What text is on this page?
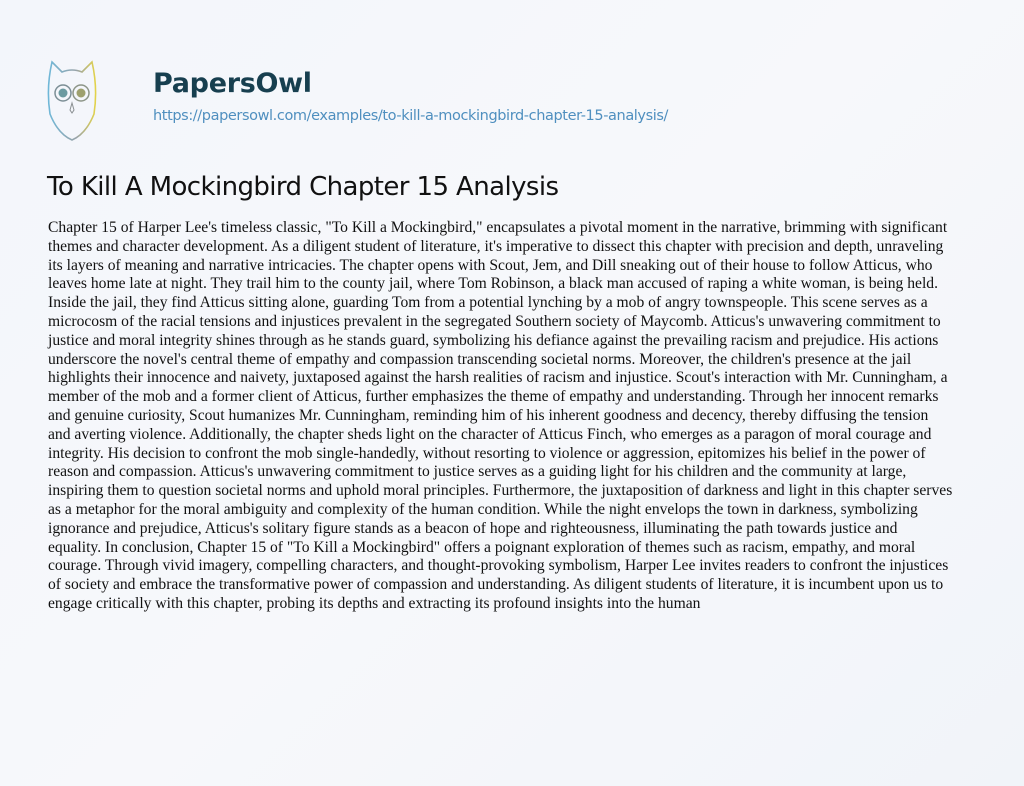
PapersOwl
https://papersowl.com/examples/to-kill-a-mockingbird-chapter-15-analysis/
To Kill A Mockingbird Chapter 15 Analysis
Chapter 15 of Harper Lee's timeless classic, "To Kill a Mockingbird," encapsulates a pivotal moment in the narrative, brimming with significant
themes and character development. As a diligent student of literature, it's imperative to dissect this chapter with precision and depth, unraveling
its layers of meaning and narrative intricacies. The chapter opens with Scout, Jem, and Dill sneaking out of their house to follow Atticus, who
leaves home late at night. They trail him to the county jail, where Tom Robinson, a black man accused of raping a white woman, is being held.
Inside the jail, they find Atticus sitting alone, guarding Tom from a potential lynching by a mob of angry townspeople. This scene serves as a
microcosm of the racial tensions and injustices prevalent in the segregated Southern society of Maycomb. Atticus's unwavering commitment to
justice and moral integrity shines through as he stands guard, symbolizing his defiance against the prevailing racism and prejudice. His actions
underscore the novel's central theme of empathy and compassion transcending societal norms. Moreover, the children's presence at the jail
highlights their innocence and naivety, juxtaposed against the harsh realities of racism and injustice. Scout's interaction with Mr. Cunningham, a
member of the mob and a former client of Atticus, further emphasizes the theme of empathy and understanding. Through her innocent remarks
and genuine curiosity, Scout humanizes Mr. Cunningham, reminding him of his inherent goodness and decency, thereby diffusing the tension
and averting violence. Additionally, the chapter sheds light on the character of Atticus Finch, who emerges as a paragon of moral courage and
integrity. His decision to confront the mob single-handedly, without resorting to violence or aggression, epitomizes his belief in the power of
reason and compassion. Atticus's unwavering commitment to justice serves as a guiding light for his children and the community at large,
inspiring them to question societal norms and uphold moral principles. Furthermore, the juxtaposition of darkness and light in this chapter serves
as a metaphor for the moral ambiguity and complexity of the human condition. While the night envelops the town in darkness, symbolizing
ignorance and prejudice, Atticus's solitary figure stands as a beacon of hope and righteousness, illuminating the path towards justice and
equality. In conclusion, Chapter 15 of "To Kill a Mockingbird" offers a poignant exploration of themes such as racism, empathy, and moral
courage. Through vivid imagery, compelling characters, and thought-provoking symbolism, Harper Lee invites readers to confront the injustices
of society and embrace the transformative power of compassion and understanding. As diligent students of literature, it is incumbent upon us to
engage critically with this chapter, probing its depths and extracting its profound insights into the human
